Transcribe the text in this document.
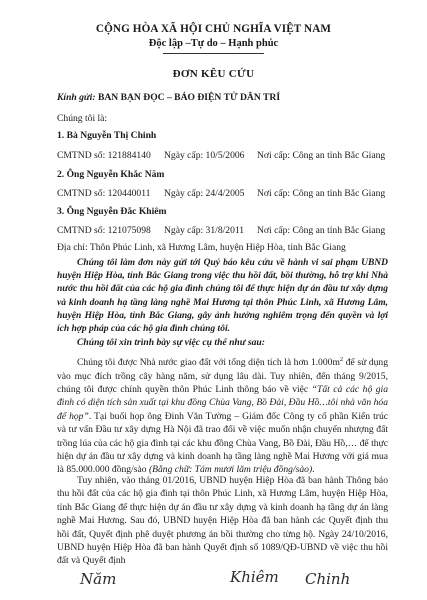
CỘNG HÒA XÃ HỘI CHỦ NGHĨA VIỆT NAM
Độc lập –Tự do – Hạnh phúc
ĐƠN KÊU CỨU
Kính gửi: BAN BẠN ĐỌC – BÁO ĐIỆN TỬ DÂN TRÍ
Chúng tôi là:
1. Bà Nguyễn Thị Chinh
CMTND số: 121884140 Ngày cấp: 10/5/2006 Nơi cấp: Công an tỉnh Bắc Giang
2. Ông Nguyễn Khắc Năm
CMTND số: 120440011 Ngày cấp: 24/4/2005 Nơi cấp: Công an tỉnh Bắc Giang
3. Ông Nguyễn Đắc Khiêm
CMTND số: 121075098 Ngày cấp: 31/8/2011 Nơi cấp: Công an tỉnh Bắc Giang
Địa chỉ: Thôn Phúc Linh, xã Hương Lâm, huyện Hiệp Hòa, tỉnh Bắc Giang
Chúng tôi làm đơn này gửi tới Quý báo kêu cứu về hành vi sai phạm UBND huyện Hiệp Hòa, tỉnh Bắc Giang trong việc thu hồi đất, bồi thường, hỗ trợ khi Nhà nước thu hồi đất của các hộ gia đình chúng tôi để thực hiện dự án đầu tư xây dựng và kinh doanh hạ tầng làng nghề Mai Hương tại thôn Phúc Linh, xã Hương Lâm, huyện Hiệp Hòa, tỉnh Bắc Giang, gây ảnh hưởng nghiêm trọng đến quyền và lợi ích hợp pháp của các hộ gia đình chúng tôi.
Chúng tôi xin trình bày sự việc cụ thể như sau:
Chúng tôi được Nhà nước giao đất với tổng diện tích là hơn $1.000m^2$ để sử dụng vào mục đích trồng cây hàng năm, sử dụng lâu dài. Tuy nhiên, đến tháng 9/2015, chúng tôi được chính quyền thôn Phúc Linh thông báo về việc “Tất cả các hộ gia đình có diện tích sản xuất tại khu đồng Chùa Vang, Bồ Đài, Đầu Hồ…tôi nhà văn hóa để họp”. Tại buổi họp ông Đinh Văn Tường – Giám đốc Công ty cổ phần Kiến trúc và tư vấn Đầu tư xây dựng Hà Nội đã trao đổi về việc muốn nhận chuyển nhượng đất trồng lúa của các hộ gia đình tại các khu đồng Chùa Vang, Bồ Đài, Đầu Hồ,… để thực hiện dự án đầu tư xây dựng và kinh doanh hạ tầng làng nghề Mai Hương với giá mua là 85.000.000 đồng/sào (Bằng chữ: Tám mươi lăm triệu đồng/sào).
Tuy nhiên, vào tháng 01/2016, UBND huyện Hiệp Hòa đã ban hành Thông báo thu hồi đất của các hộ gia đình tại thôn Phúc Linh, xã Hương Lâm, huyện Hiệp Hòa, tỉnh Bắc Giang để thực hiện dự án đầu tư xây dựng và kinh doanh hạ tầng dự án làng nghề Mai Hương. Sau đó, UBND huyện Hiệp Hòa đã ban hành các Quyết định thu hồi đất, Quyết định phê duyệt phương án bồi thường cho từng hộ. Ngày 24/10/2016, UBND huyện Hiệp Hòa đã ban hành Quyết định số 1089/QĐ-UBND về việc thu hồi đất và Quyết định
Năm	Khiêm Chinh
